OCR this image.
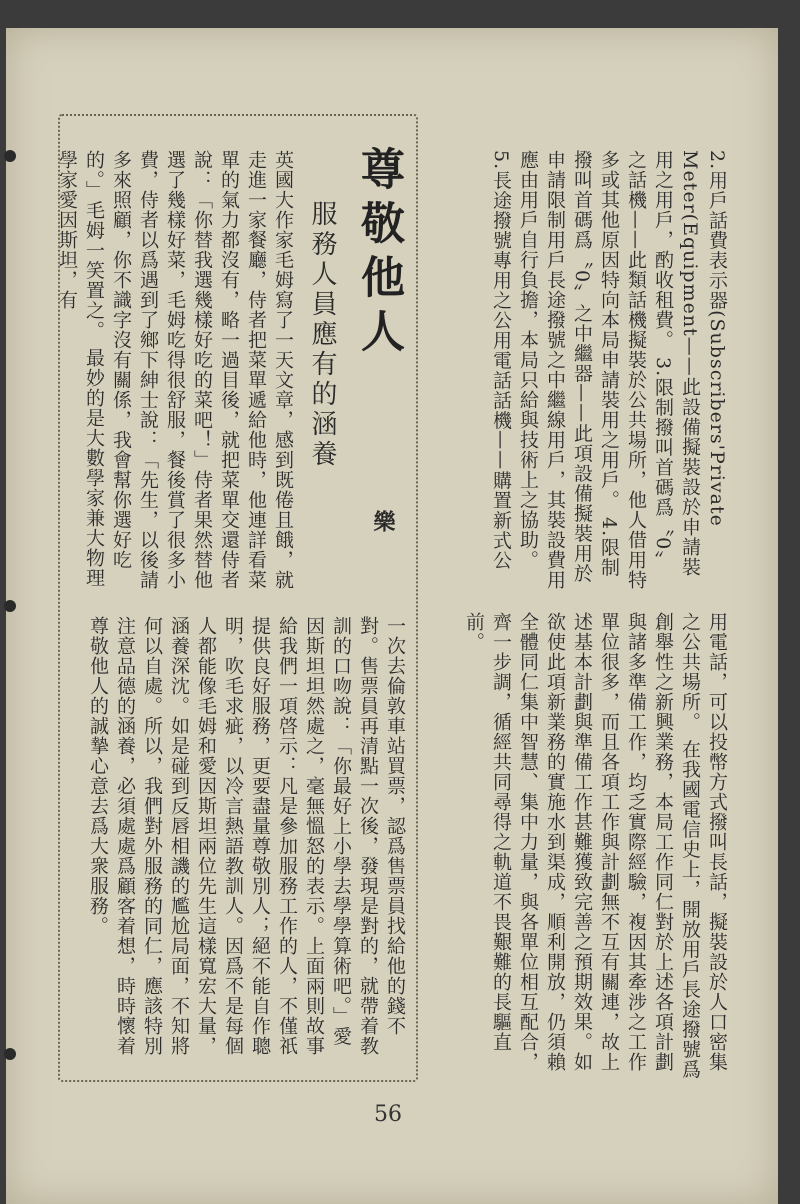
2.用戶話費表示器(Subscribers'Private Meter(Equipment——此設備擬裝設於申請裝用之用戶，酌收租費。 3.限制撥叫首碼爲〝0〞之話機——此類話機擬裝於公共場所，他人借用特多或其他原因特向本局申請裝用之用戶。 4.限制撥叫首碼爲〝0〞之中繼器——此項設備擬裝用於申請限制用戶長途撥號之中繼線用戶，其裝設費用應由用戶自行負擔，本局只給與技術上之協助。 5.長途撥號專用之公用電話話機——購置新式公
用電話，可以投幣方式撥叫長話，擬裝設於人口密集之公共場所。 在我國電信史上，開放用戶長途撥號爲創舉性之新興業務，本局工作同仁對於上述各項計劃與諸多準備工作，均乏實際經驗，複因其牽涉之工作單位很多，而且各項工作與計劃無不互有關連，故上述基本計劃與準備工作甚難獲致完善之預期效果。如欲使此項新業務的實施水到渠成，順利開放，仍須賴全體同仁集中智慧、集中力量，與各單位相互配合，齊一步調，循經共同尋得之軌道不畏艱難的長驅直前。
尊敬他人
服務人員應有的涵養
樂
英國大作家毛姆寫了一天文章，感到既倦且餓，就走進一家餐廳，侍者把菜單遞給他時，他連詳看菜單的氣力都沒有，略一過目後，就把菜單交還侍者說：「你替我選幾樣好吃的菜吧！」侍者果然替他選了幾樣好菜，毛姆吃得很舒服，餐後賞了很多小費，侍者以爲遇到了鄉下紳士說：「先生，以後請多來照顧，你不識字沒有關係，我會幫你選好吃的。」毛姆一笑置之。 最妙的是大數學家兼大物理學家愛因斯坦，有
一次去倫敦車站買票，認爲售票員找給他的錢不對。售票員再清點一次後，發現是對的，就帶着教訓的口吻說：「你最好上小學去學學算術吧。」愛因斯坦坦然處之，毫無慍怒的表示。上面兩則故事給我們一項啓示：凡是參加服務工作的人，不僅祇提供良好服務，更要盡量尊敬別人；絕不能自作聰明，吹毛求疵，以冷言熱語教訓人。因爲不是每個人都能像毛姆和愛因斯坦兩位先生這樣寬宏大量，涵養深沈。如是碰到反唇相譏的尷尬局面，不知將何以自處。所以，我們對外服務的同仁，應該特別注意品德的涵養，必須處處爲顧客着想，時時懷着尊敬他人的誠摯心意去爲大衆服務。
56
